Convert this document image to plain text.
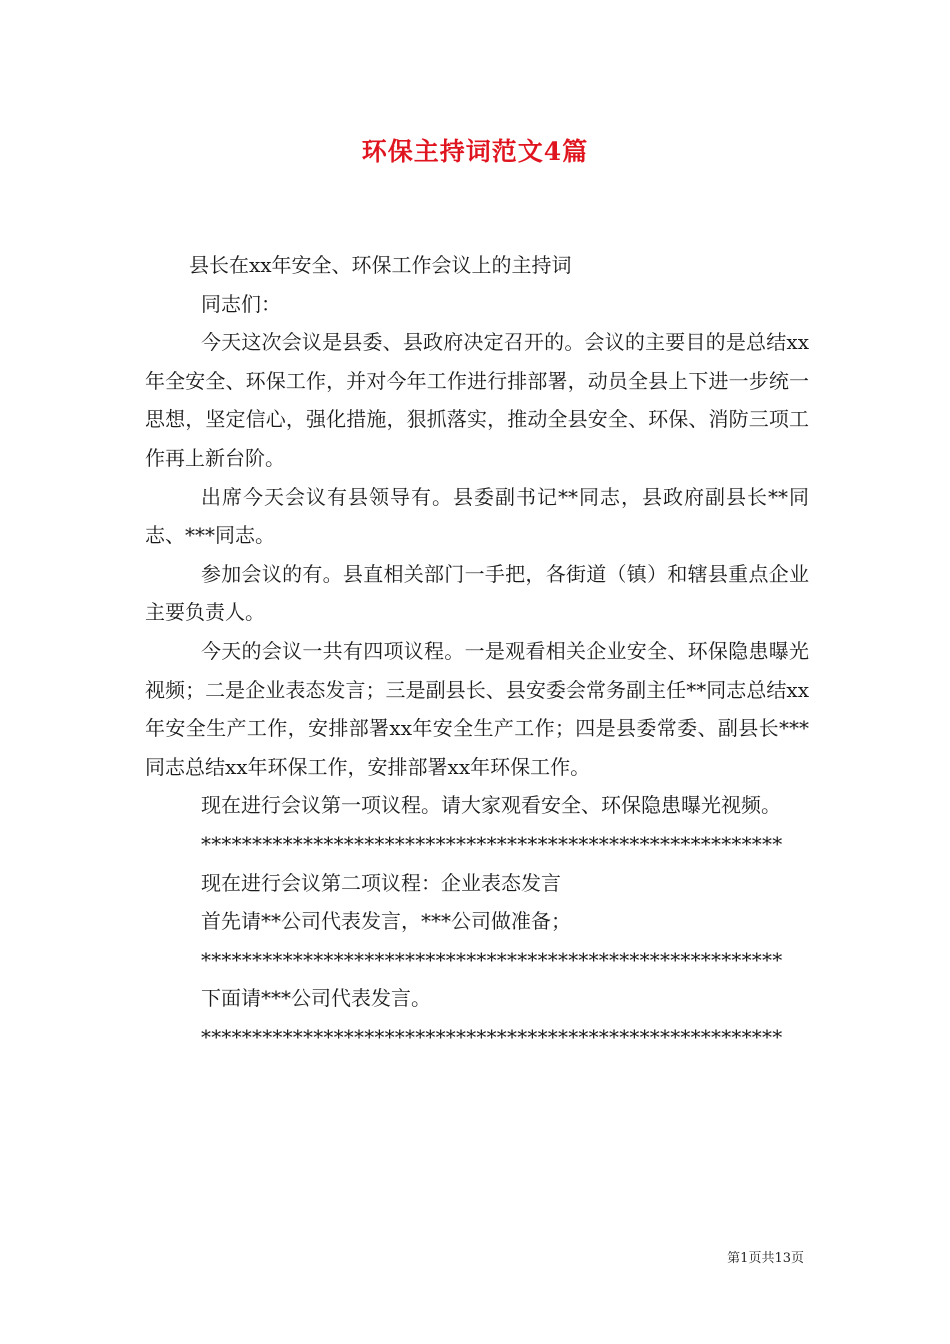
环保主持词范文4篇

县长在xx年安全、环保工作会议上的主持词

同志们：

今天这次会议是县委、县政府决定召开的。会议的主要目的是总结xx年全安全、环保工作，并对今年工作进行排部署，动员全县上下进一步统一思想，坚定信心，强化措施，狠抓落实，推动全县安全、环保、消防三项工作再上新台阶。

出席今天会议有县领导有。县委副书记**同志，县政府副县长**同志、***同志。

参加会议的有。县直相关部门一手把，各街道（镇）和辖县重点企业主要负责人。

今天的会议一共有四项议程。一是观看相关企业安全、环保隐患曝光视频；二是企业表态发言；三是副县长、县安委会常务副主任**同志总结xx年安全生产工作，安排部署xx年安全生产工作；四是县委常委、副县长***同志总结xx年环保工作，安排部署xx年环保工作。

现在进行会议第一项议程。请大家观看安全、环保隐患曝光视频。

*********************************************************

现在进行会议第二项议程：企业表态发言

首先请**公司代表发言，***公司做准备；

*********************************************************

下面请***公司代表发言。

*********************************************************

第1页共13页
